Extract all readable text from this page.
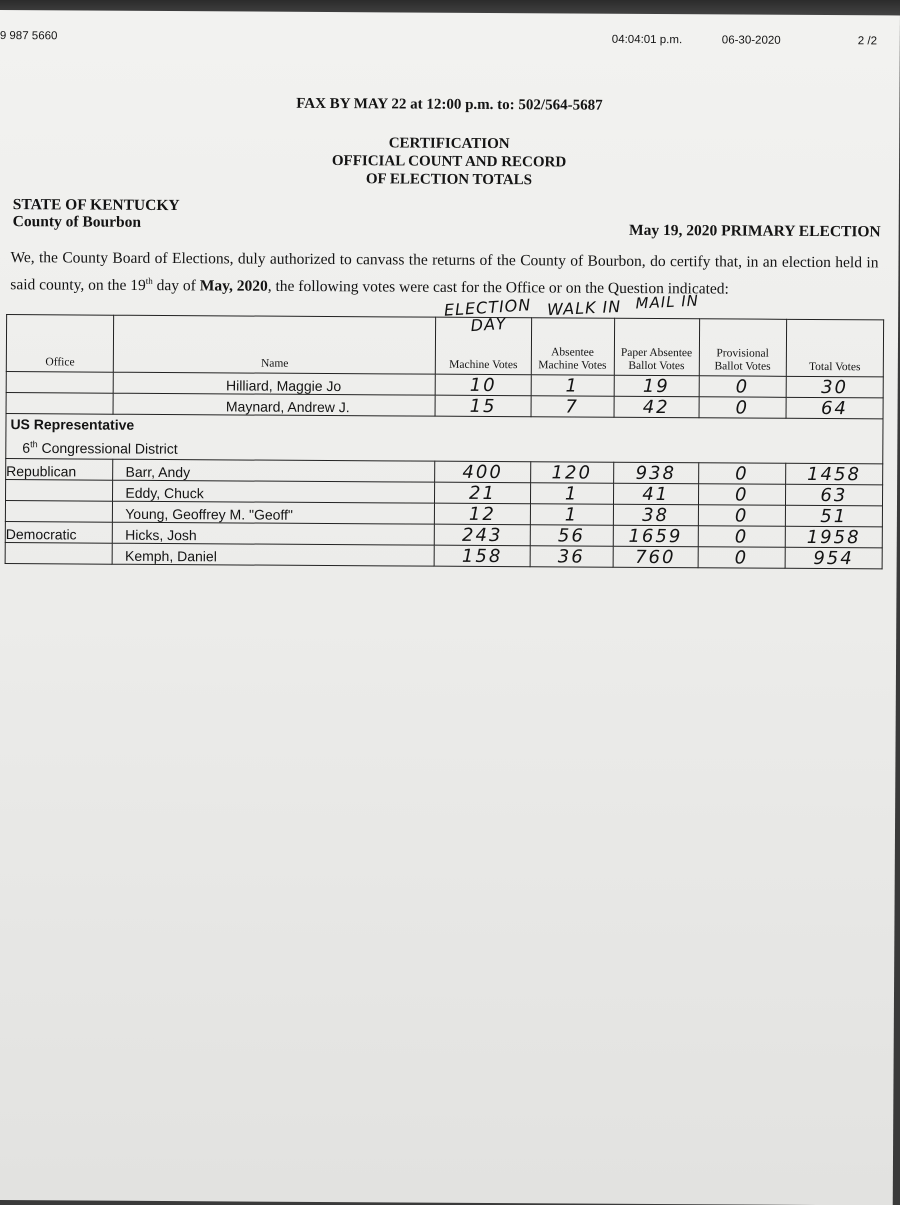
9 987 5660	04:04:01 p.m.	06-30-2020	2 /2
FAX BY MAY 22 at 12:00 p.m. to: 502/564-5687
CERTIFICATION
OFFICIAL COUNT AND RECORD
OF ELECTION TOTALS
STATE OF KENTUCKY
County of Bourbon	May 19, 2020 PRIMARY ELECTION
We, the County Board of Elections, duly authorized to canvass the returns of the County of Bourbon, do certify that, in an election held in said county, on the 19th day of May, 2020, the following votes were cast for the Office or on the Question indicated:
ELECTION DAY
WALK IN MAIL IN
Office	Name	Machine Votes	Absentee Machine Votes	Paper Absentee Ballot Votes	Provisional Ballot Votes	Total Votes
	Hilliard, Maggie Jo	10	1	19	0	30
	Maynard, Andrew J.	15	7	42	0	64

US Representative
6th Congressional District						

Republican	Barr, Andy	400	120	938	0	1458
	Eddy, Chuck	21	1	41	0	63
	Young, Geoffrey M. "Geoff"	12	1	38	0	51
Democratic	Hicks, Josh	243	56	1659	0	1958
	Kemph, Daniel	158	36	760	0	954
